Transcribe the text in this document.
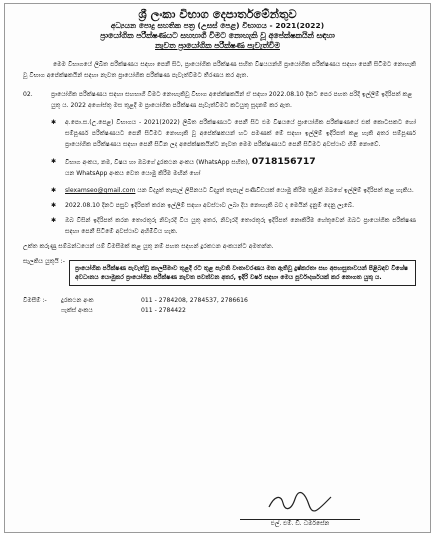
ශ්‍රී ලංකා විභාග දෙපාර්තමේන්තුව
අධ්‍යයන පොදු සහතික පත්‍ර (උසස් පෙළ) විභාගය - 2021(2022)
ප්‍රායෝගික පරීක්ෂණයට සහභාගී වීමට නොහැකි වූ අපේක්ෂකයින් සඳහා
නැවත ප්‍රායෝගික පරීක්ෂණ පැවැත්වීම
මෙම විභාගයේ ලිඛිත පරීක්ෂණය සඳහා පෙනී සිට, ප්‍රායෝගික පරීක්ෂණ සහිත විෂයයන්හි ප්‍රායෝගික පරීක්ෂණය සඳහා පෙනී සිටීමට නොහැකි වූ විභාග අපේක්ෂකයින් සඳහා නැවත ප්‍රායෝගික පරීක්ෂණ පැවැත්වීමට තීරණය කර ඇත.
02.	ප්‍රායෝගික පරීක්ෂණය සඳහා සහභාගී වීමට නොහැකිවූ විභාග අපේක්ෂකයින් ඒ සඳහා 2022.08.10 දිනට පෙර පහත පරිදි ඉල්ලීම් ඉදිරිපත් කළ යුතු ය. 2022 අගෝස්තු මස තුළදී ම ප්‍රායෝගික පරීක්ෂණ පැවැත්වීමට කටයුතු සූදානම් කර ඇත.
✱	අ.පො.ස.(උ.පෙළ) විභාගය - 2021(2022) ලිඛිත පරීක්ෂණයට පෙනී සිට එම විෂයයේ ප්‍රායෝගික පරීක්ෂණයේ එක් කොටසකට හෝ සම්පූර්ණ පරීක්ෂණයට පෙනී සිටීමට නොහැකි වූ අපේක්ෂකයන් හට පමණක් මේ සඳහා ඉල්ලීම් ඉදිරිපත් කළ හැකි අතර සම්පූර්ණ ප්‍රායෝගික පරීක්ෂණය සඳහා පෙනී සිටින ලද අපේක්ෂකයින්ට නැවත මෙම පරීක්ෂණයට පෙනී සිටීමට අවස්ථාව හිමි නොවේ.
✱	විභාග අංකය, නම, විෂය හා ඔබගේ දුරකථන අංකය (WhatsApp සහිත), 0718156717
යන WhatsApp අංකය වෙත යොමු කිරීම මඟින් හෝ
✱	slexamseo@gmail.com යන විද්‍යුත් තැපැල් ලිපිනයට විද්‍යුත් තැපැල් පණිවිඩයක් යොමු කිරීම තුළින් ඔබගේ ඉල්ලීම් ඉදිරිපත් කළ හැකිය.
✱	2022.08.10 දිනට පසුව ඉදිරිපත් කරන ඉල්ලීම් සඳහා අවස්ථාව ලබා දිය නොහැකි බව ද මෙයින් දැනුම් දෙනු ලැබේ.
✱	ඔබ විසින් ඉදිරිපත් කරන තොරතුරු නිවැරදි විය යුතු අතර, නිවැරදි තොරතුරු ඉදිරිපත් නොකිරීම හේතුවෙන් ඔබට ප්‍රායෝගික පරීක්ෂණ සඳහා පෙනී සිටීමේ අවස්ථාව අහිමිවිය හැක.
උක්ත කරුණු සම්බන්ධයෙන් යම් විමසීමක් කළ යුතු නම් පහත සඳහන් දුරකථන අංකයන්ට අමතන්න.
සැලකිය යුතුයි :-
ප්‍රායෝගික පරීක්ෂණ පැවැත්වූ කාලසීමාව තුළදී රට තුළ පැවති වාතාවරණය මත ඇතිවූ දුෂ්කරතා සහ අපහසුතාවයන් පිළිබඳව විශේෂ අවධානය යොමුකර ප්‍රායෝගික පරීක්ෂණ නැවත පවත්වන අතර, ඉදිරි වර්ෂ සඳහා මෙය පූර්වාදර්ශයක් කර නොගත යුතු ය.
විමසීම් :-	දුරකථන අංක	011 - 2784208, 2784537, 2786616
ෆැක්ස් අංකය	011 - 2784422
එල්. එම්. ඩී. ධර්මසේන
